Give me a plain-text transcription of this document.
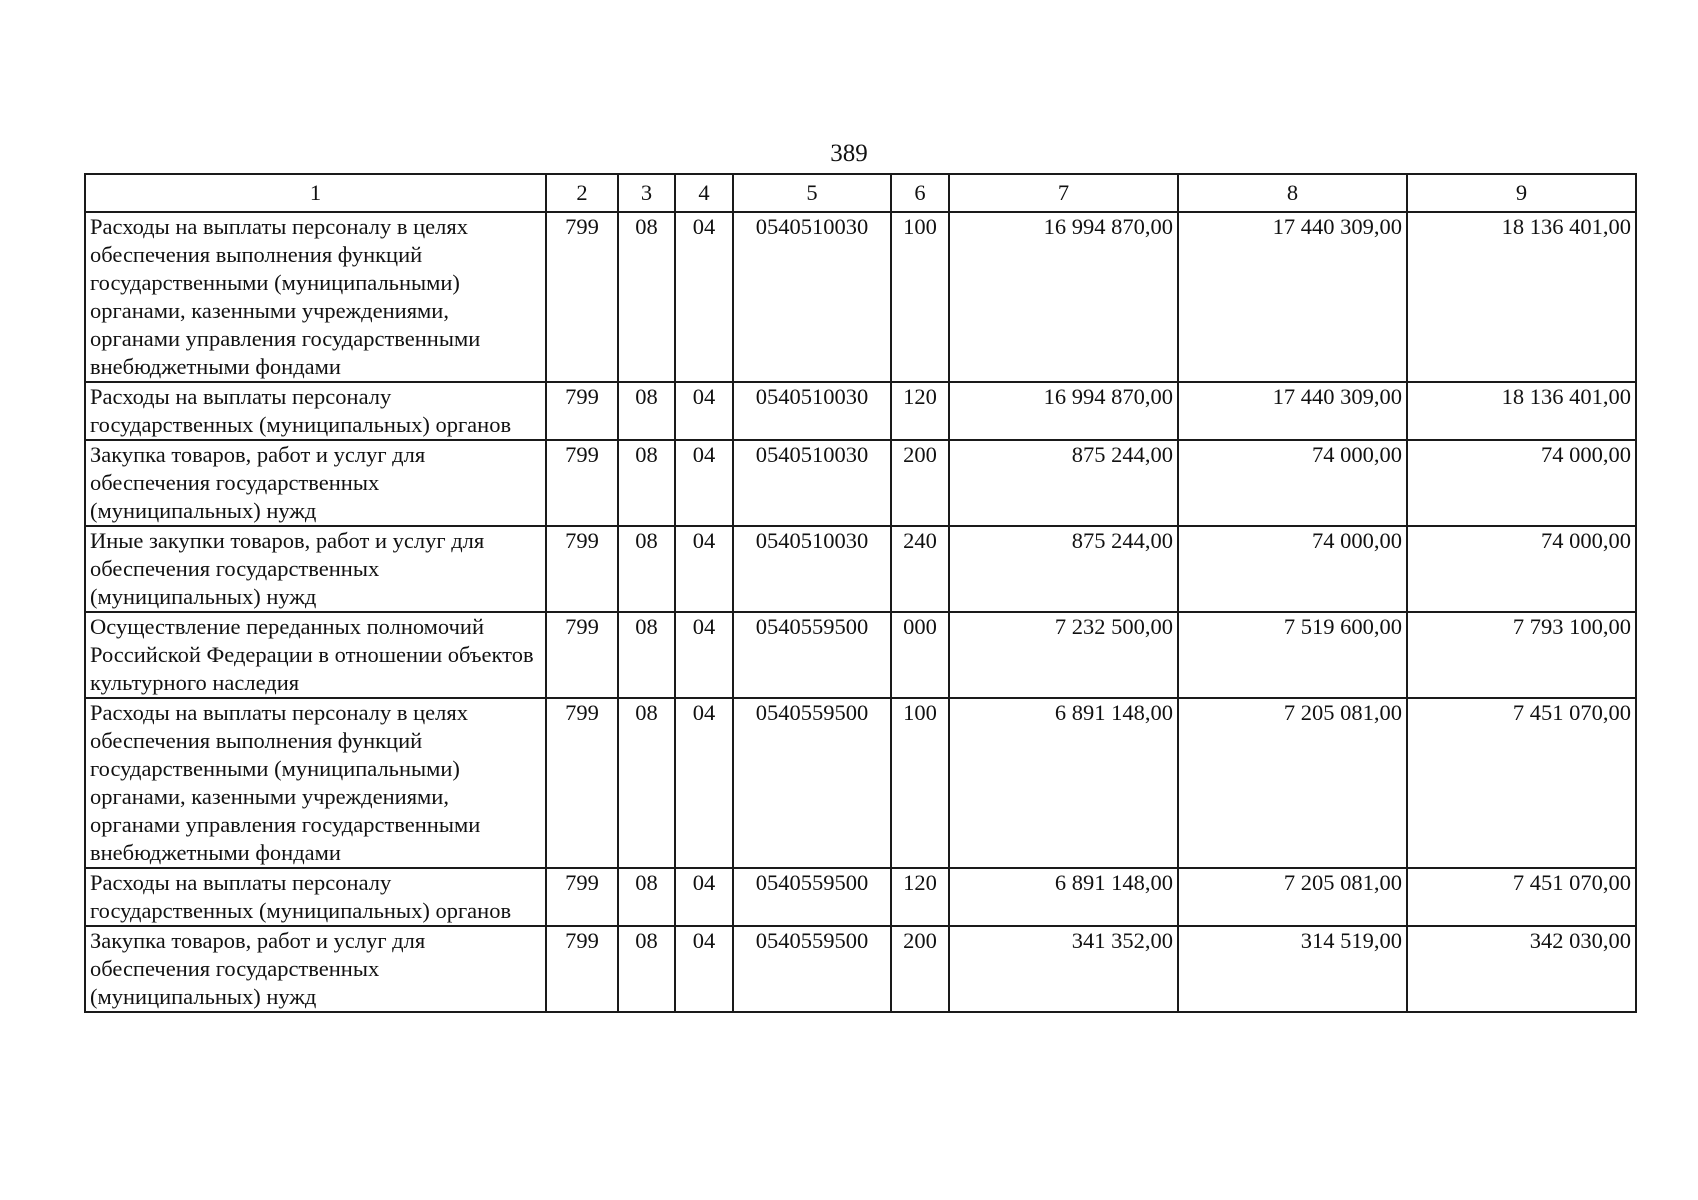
389
1	2	3	4	5	6	7	8	9
Расходы на выплаты персоналу в целях обеспечения выполнения функций государственными (муниципальными) органами, казенными учреждениями, органами управления государственными внебюджетными фондами	799	08	04	0540510030	100	16 994 870,00	17 440 309,00	18 136 401,00
Расходы на выплаты персоналу государственных (муниципальных) органов	799	08	04	0540510030	120	16 994 870,00	17 440 309,00	18 136 401,00
Закупка товаров, работ и услуг для обеспечения государственных (муниципальных) нужд	799	08	04	0540510030	200	875 244,00	74 000,00	74 000,00
Иные закупки товаров, работ и услуг для обеспечения государственных (муниципальных) нужд	799	08	04	0540510030	240	875 244,00	74 000,00	74 000,00
Осуществление переданных полномочий Российской Федерации в отношении объектов культурного наследия	799	08	04	0540559500	000	7 232 500,00	7 519 600,00	7 793 100,00
Расходы на выплаты персоналу в целях обеспечения выполнения функций государственными (муниципальными) органами, казенными учреждениями, органами управления государственными внебюджетными фондами	799	08	04	0540559500	100	6 891 148,00	7 205 081,00	7 451 070,00
Расходы на выплаты персоналу государственных (муниципальных) органов	799	08	04	0540559500	120	6 891 148,00	7 205 081,00	7 451 070,00
Закупка товаров, работ и услуг для обеспечения государственных (муниципальных) нужд	799	08	04	0540559500	200	341 352,00	314 519,00	342 030,00
